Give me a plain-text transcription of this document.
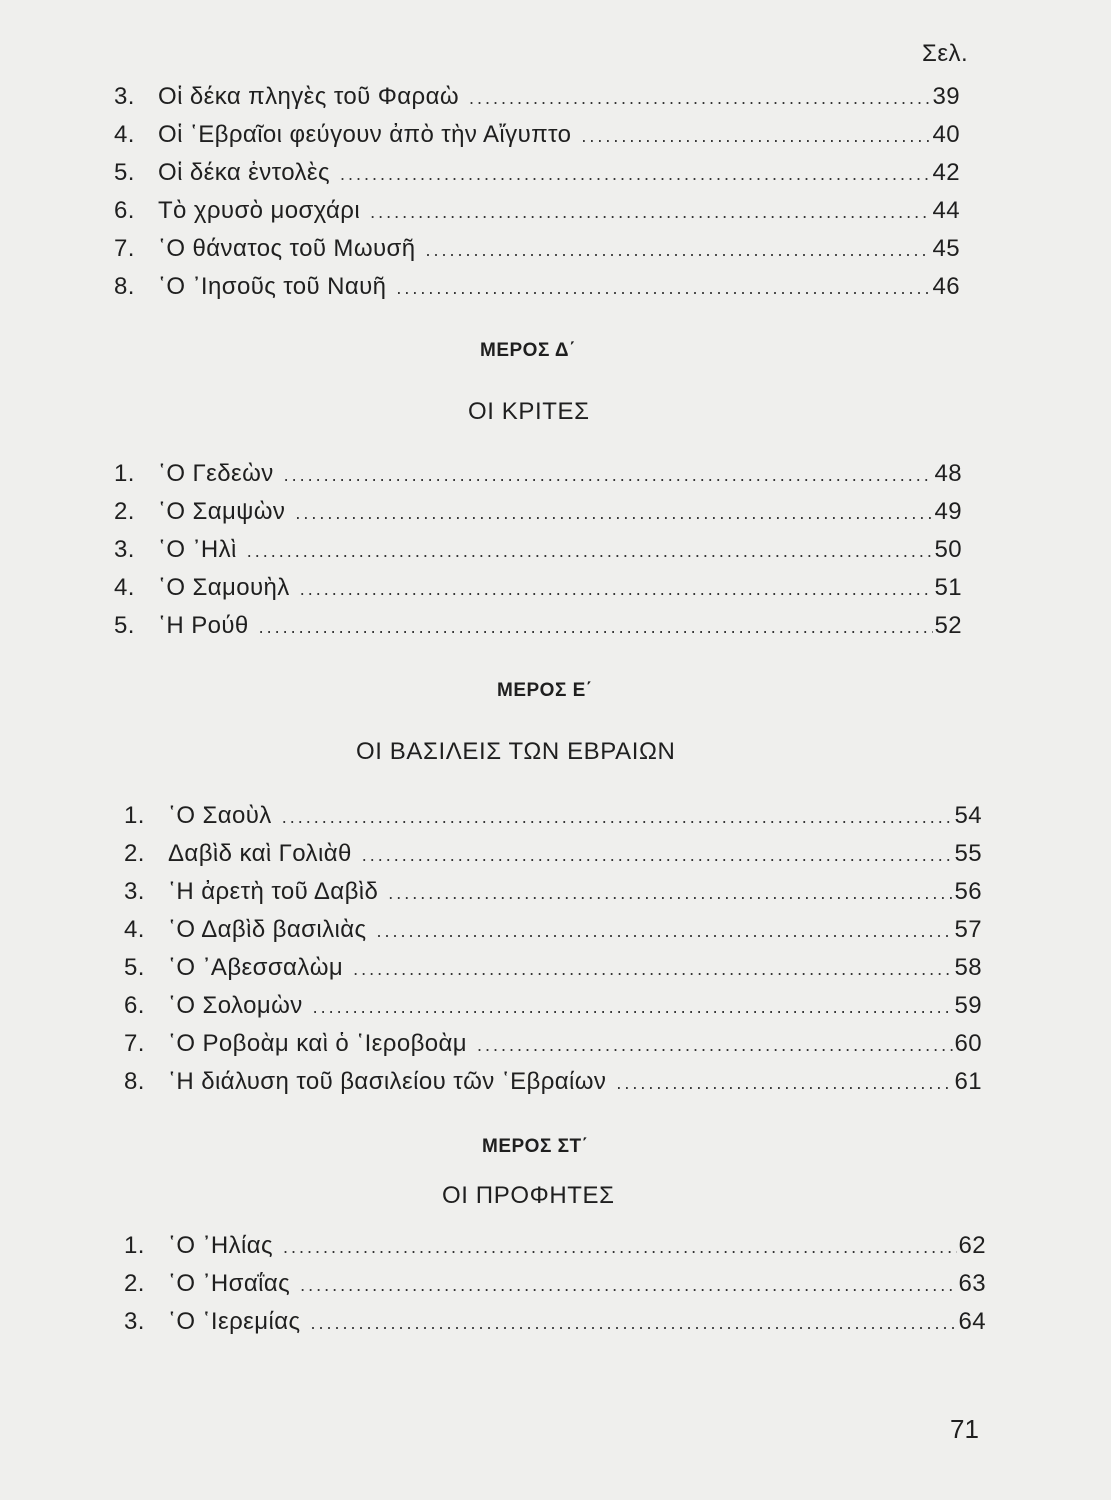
Σελ.
3. Οἱ δέκα πληγὲς τοῦ Φαραὼ .....	39
4. Οἱ ῾Εβραῖοι φεύγουν ἀπὸ τὴν Αἴγυπτο .....	40
5. Οἱ δέκα ἐντολὲς .....	42
6. Τὸ χρυσὸ μοσχάρι .....	44
7. ῾Ο θάνατος τοῦ Μωυσῆ .....	45
8. ῾Ο ᾿Ιησοῦς τοῦ Ναυῆ .....	46
ΜΕΡΟΣ Δ΄
ΟΙ ΚΡΙΤΕΣ
1. ῾Ο Γεδεὼν .....	48
2. ῾Ο Σαμψὼν .....	49
3. ῾Ο ᾿Ηλὶ .....	50
4. ῾Ο Σαμουὴλ .....	51
5. ῾Η Ρούθ .....	52
ΜΕΡΟΣ Ε΄
ΟΙ ΒΑΣΙΛΕΙΣ ΤΩΝ ΕΒΡΑΙΩΝ
1. ῾Ο Σαοὺλ .....	54
2. Δαβὶδ καὶ Γολιὰθ .....	55
3. ῾Η ἀρετὴ τοῦ Δαβὶδ .....	56
4. ῾Ο Δαβὶδ βασιλιὰς .....	57
5. ῾Ο ᾿Αβεσσαλὼμ .....	58
6. ῾Ο Σολομὼν .....	59
7. ῾Ο Ροβοὰμ καὶ ὁ ῾Ιεροβοὰμ .....	60
8. ῾Η διάλυση τοῦ βασιλείου τῶν ῾Εβραίων .....	61
ΜΕΡΟΣ ΣΤ΄
ΟΙ ΠΡΟΦΗΤΕΣ
1. ῾Ο ᾿Ηλίας .....	62
2. ῾Ο ᾿Ησαΐας .....	63
3. ῾Ο ῾Ιερεμίας .....	64
71
